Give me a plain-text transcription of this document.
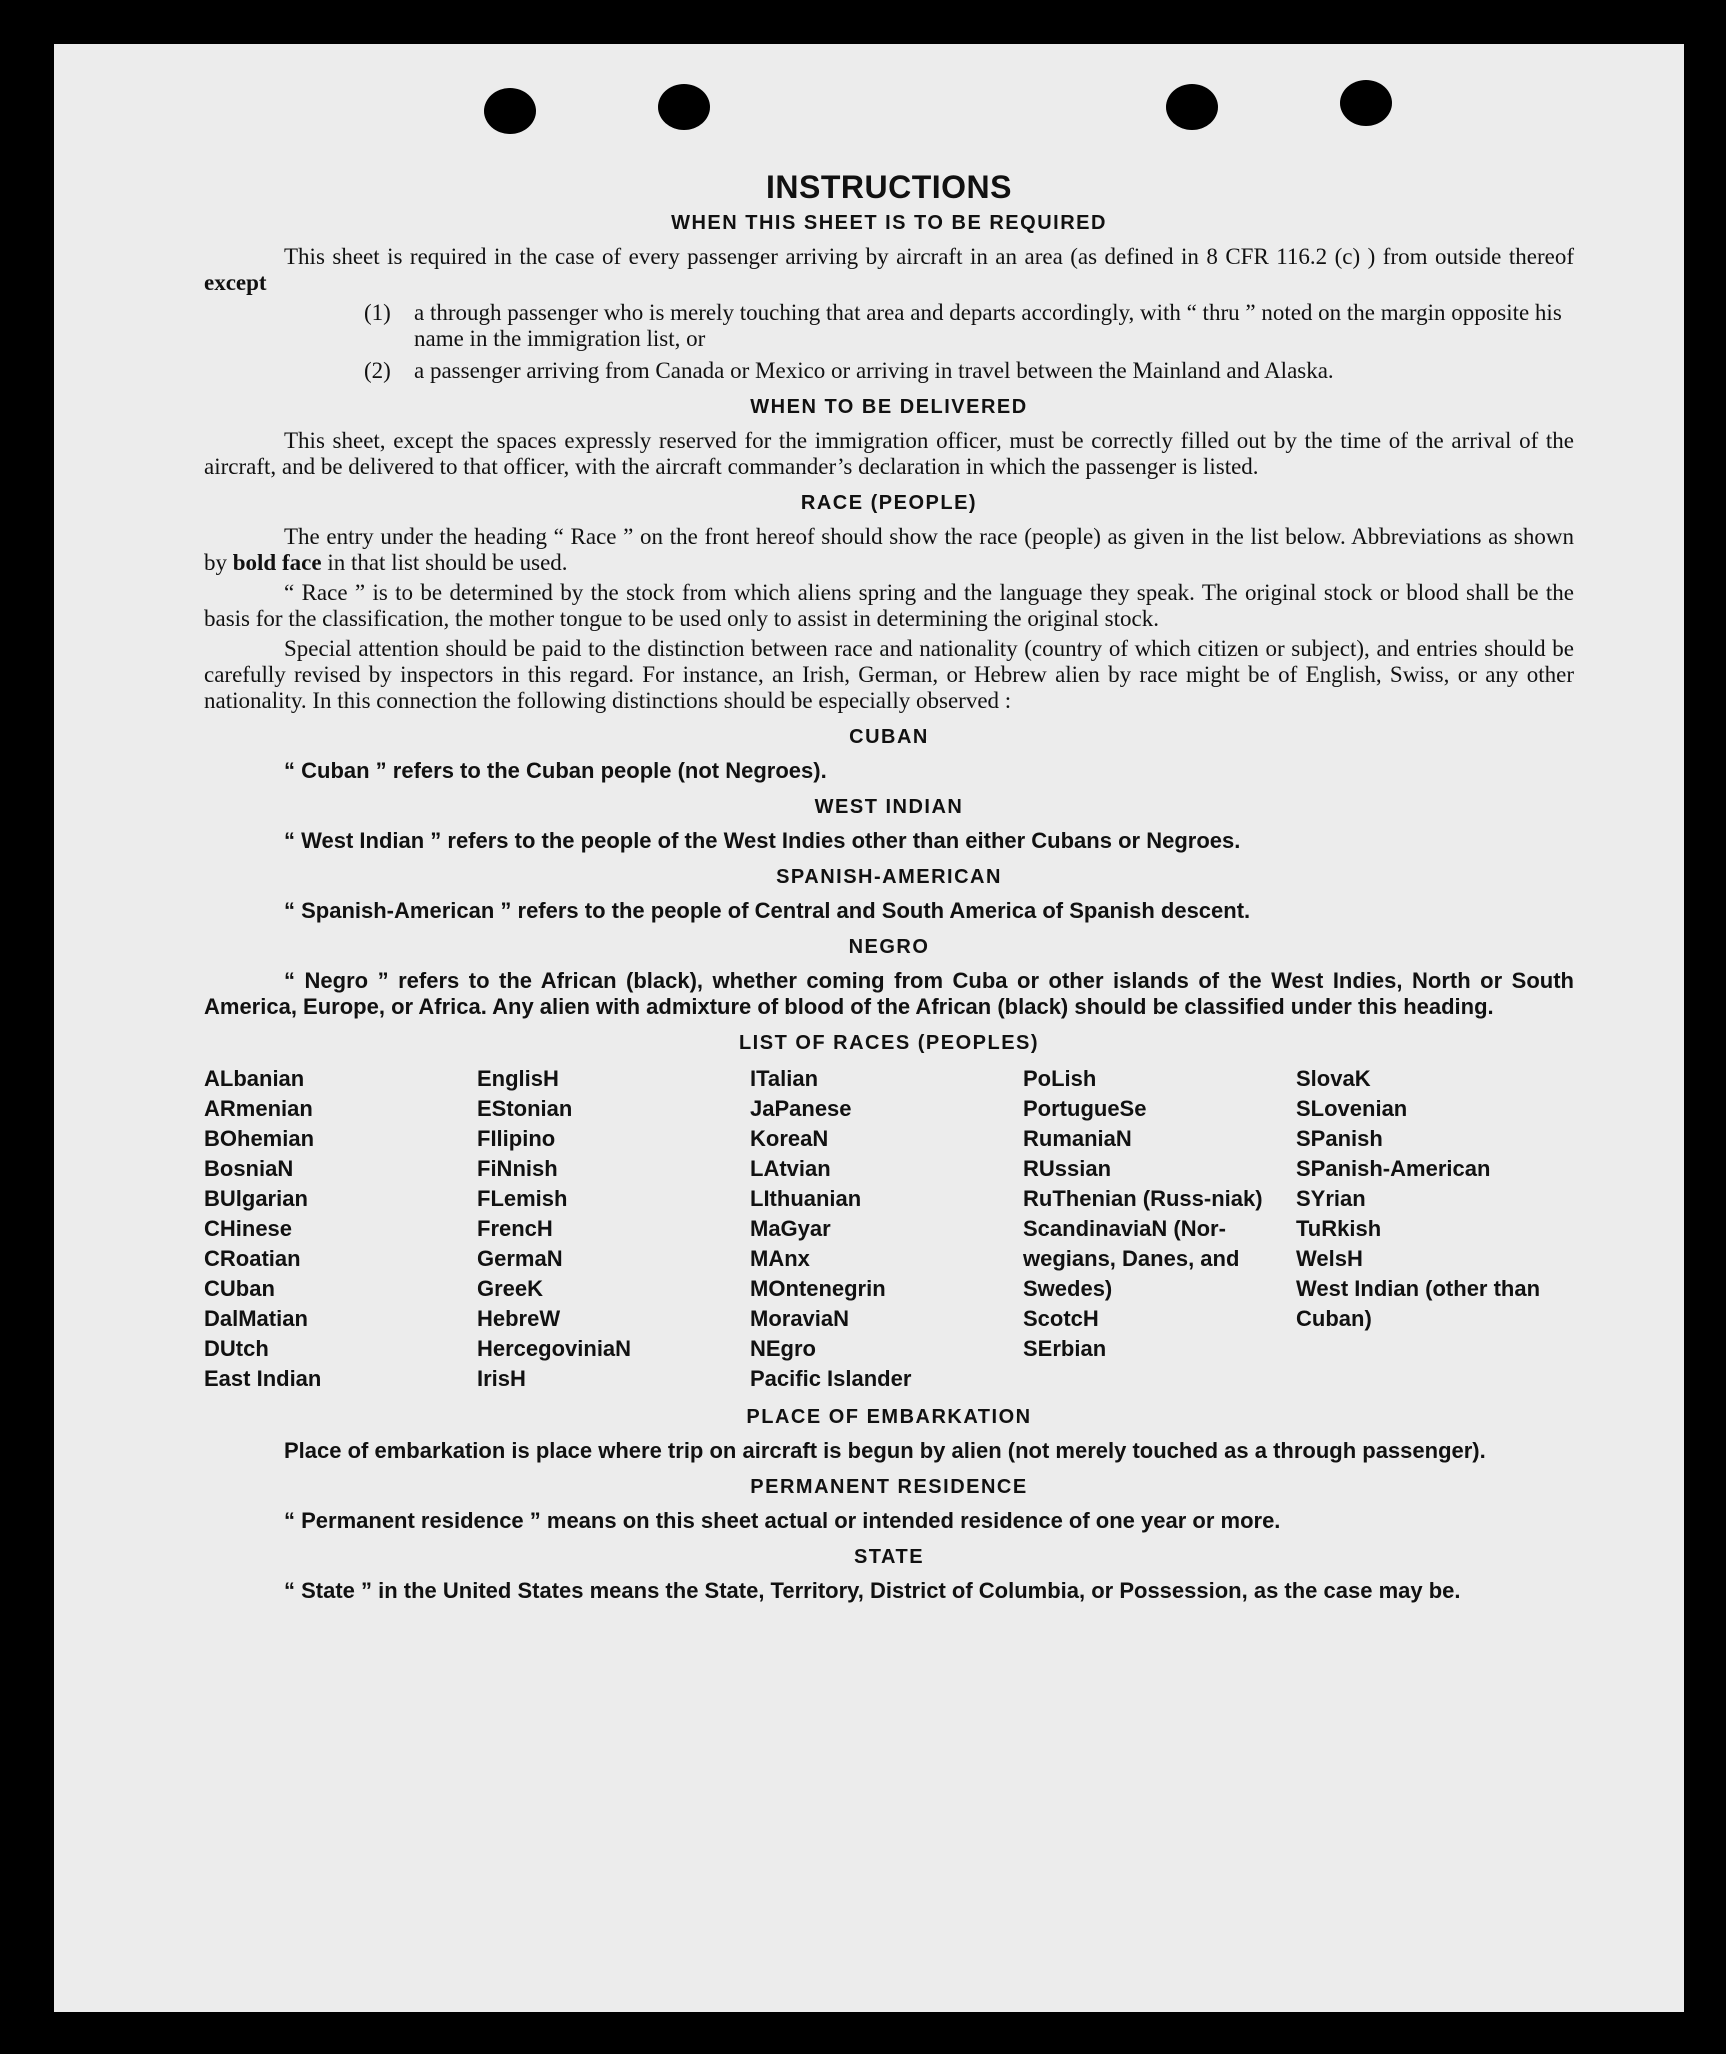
INSTRUCTIONS
WHEN THIS SHEET IS TO BE REQUIRED

This sheet is required in the case of every passenger arriving by aircraft in an area (as defined in 8 CFR 116.2 (c) ) from outside thereof except

(1)	a through passenger who is merely touching that area and departs accordingly, with “ thru ” noted on the margin opposite his name in the immigration list, or
(2)	a passenger arriving from Canada or Mexico or arriving in travel between the Mainland and Alaska.
WHEN TO BE DELIVERED

This sheet, except the spaces expressly reserved for the immigration officer, must be correctly filled out by the time of the arrival of the aircraft, and be delivered to that officer, with the aircraft commander’s declaration in which the passenger is listed.

RACE (PEOPLE)

The entry under the heading “ Race ” on the front hereof should show the race (people) as given in the list below. Abbreviations as shown by bold face in that list should be used.

“ Race ” is to be determined by the stock from which aliens spring and the language they speak. The original stock or blood shall be the basis for the classification, the mother tongue to be used only to assist in determining the original stock.

Special attention should be paid to the distinction between race and nationality (country of which citizen or subject), and entries should be carefully revised by inspectors in this regard. For instance, an Irish, German, or Hebrew alien by race might be of English, Swiss, or any other nationality. In this connection the following distinctions should be especially observed :

CUBAN
“ Cuban ” refers to the Cuban people (not Negroes).
WEST INDIAN
“ West Indian ” refers to the people of the West Indies other than either Cubans or Negroes.
SPANISH-AMERICAN
“ Spanish-American ” refers to the people of Central and South America of Spanish descent.
NEGRO

“ Negro ” refers to the African (black), whether coming from Cuba or other islands of the West Indies, North or South America, Europe, or Africa. Any alien with admixture of blood of the African (black) should be classified under this heading.

LIST OF RACES (PEOPLES)
ALbanian
ARmenian
BOhemian
BosniaN
BUlgarian
CHinese
CRoatian
CUban
DalMatian
DUtch
East Indian
EnglisH
EStonian
FIlipino
FiNnish
FLemish
FrencH
GermaN
GreeK
HebreW
HercegoviniaN
IrisH
ITalian
JaPanese
KoreaN
LAtvian
LIthuanian
MaGyar
MAnx
MOntenegrin
MoraviaN
NEgro
Pacific Islander
PoLish
PortugueSe
RumaniaN
RUssian
RuThenian (Russ-niak)
ScandinaviaN (Nor-wegians, Danes, and Swedes)
ScotcH
SErbian
SlovaK
SLovenian
SPanish
SPanish-American
SYrian
TuRkish
WelsH
West Indian (other than Cuban)
PLACE OF EMBARKATION

Place of embarkation is place where trip on aircraft is begun by alien (not merely touched as a through passenger).

PERMANENT RESIDENCE
“ Permanent residence ” means on this sheet actual or intended residence of one year or more.
STATE

“ State ” in the United States means the State, Territory, District of Columbia, or Possession, as the case may be.
